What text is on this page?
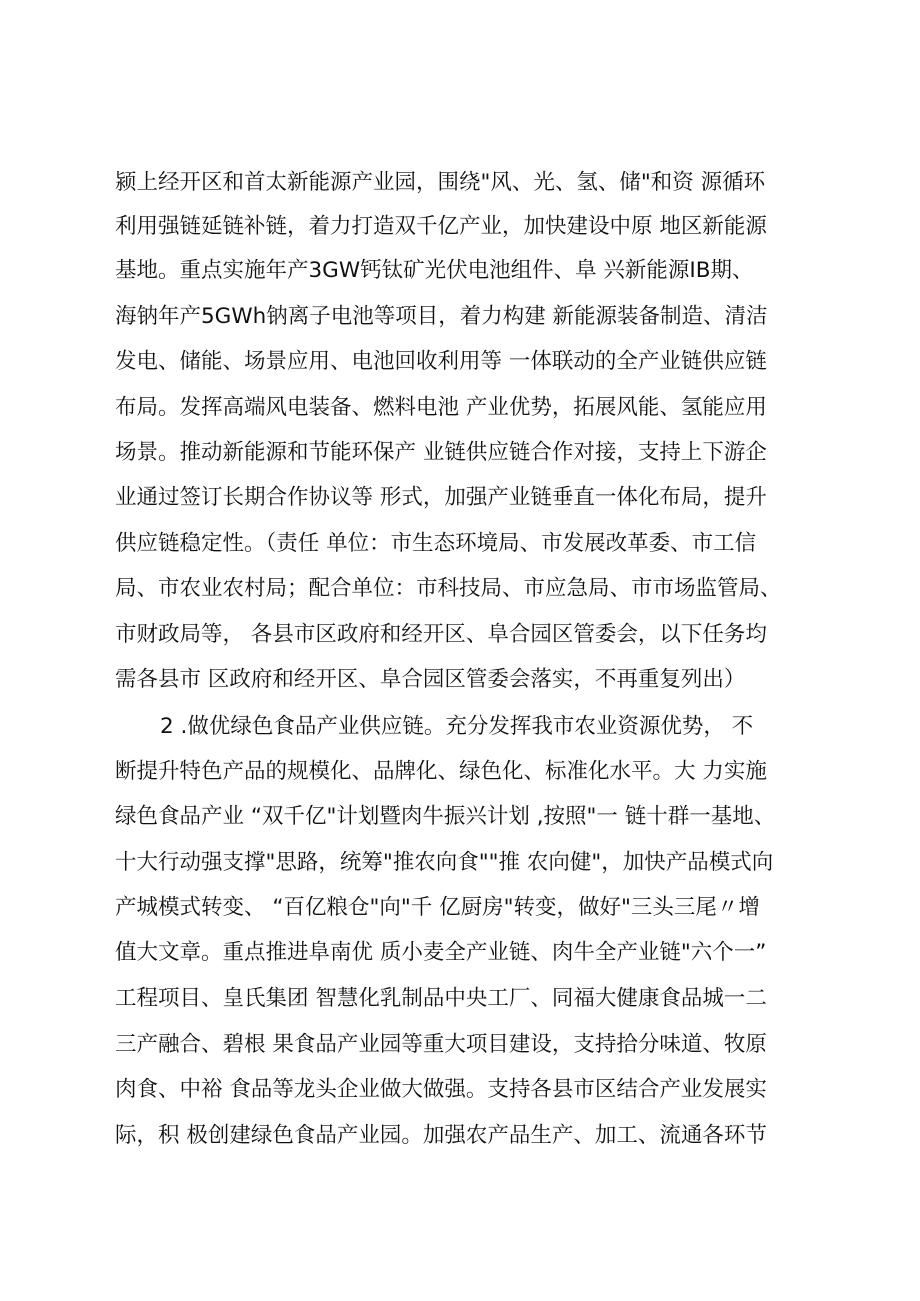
颍上经开区和首太新能源产业园，围绕"风、光、氢、储"和资 源循环
利用强链延链补链，着力打造双千亿产业，加快建设中原 地区新能源
基地。重点实施年产3GW钙钛矿光伏电池组件、阜 兴新能源IB期、
海钠年产5GWh钠离子电池等项目，着力构建 新能源装备制造、清洁
发电、储能、场景应用、电池回收利用等 一体联动的全产业链供应链
布局。发挥高端风电装备、燃料电池 产业优势，拓展风能、氢能应用
场景。推动新能源和节能环保产 业链供应链合作对接，支持上下游企
业通过签订长期合作协议等 形式，加强产业链垂直一体化布局，提升
供应链稳定性。（责任 单位：市生态环境局、市发展改革委、市工信
局、市农业农村局；配合单位：市科技局、市应急局、市市场监管局、
市财政局等， 各县市区政府和经开区、阜合园区管委会，以下任务均
需各县市 区政府和经开区、阜合园区管委会落实，不再重复列出）
2 .做优绿色食品产业供应链。充分发挥我市农业资源优势， 不
断提升特色产品的规模化、品牌化、绿色化、标准化水平。大 力实施
绿色食品产业 “双千亿"计划暨肉牛振兴计划 ,按照"一 链十群一基地、
十大行动强支撑"思路，统筹"推农向食""推 农向健"，加快产品模式向
产城模式转变、 “百亿粮仓"向"千 亿厨房"转变，做好"三头三尾〃增
值大文章。重点推进阜南优 质小麦全产业链、肉牛全产业链"六个一”
工程项目、皇氏集团 智慧化乳制品中央工厂、同福大健康食品城一二
三产融合、碧根 果食品产业园等重大项目建设，支持拾分味道、牧原
肉食、中裕 食品等龙头企业做大做强。支持各县市区结合产业发展实
际，积 极创建绿色食品产业园。加强农产品生产、加工、流通各环节
